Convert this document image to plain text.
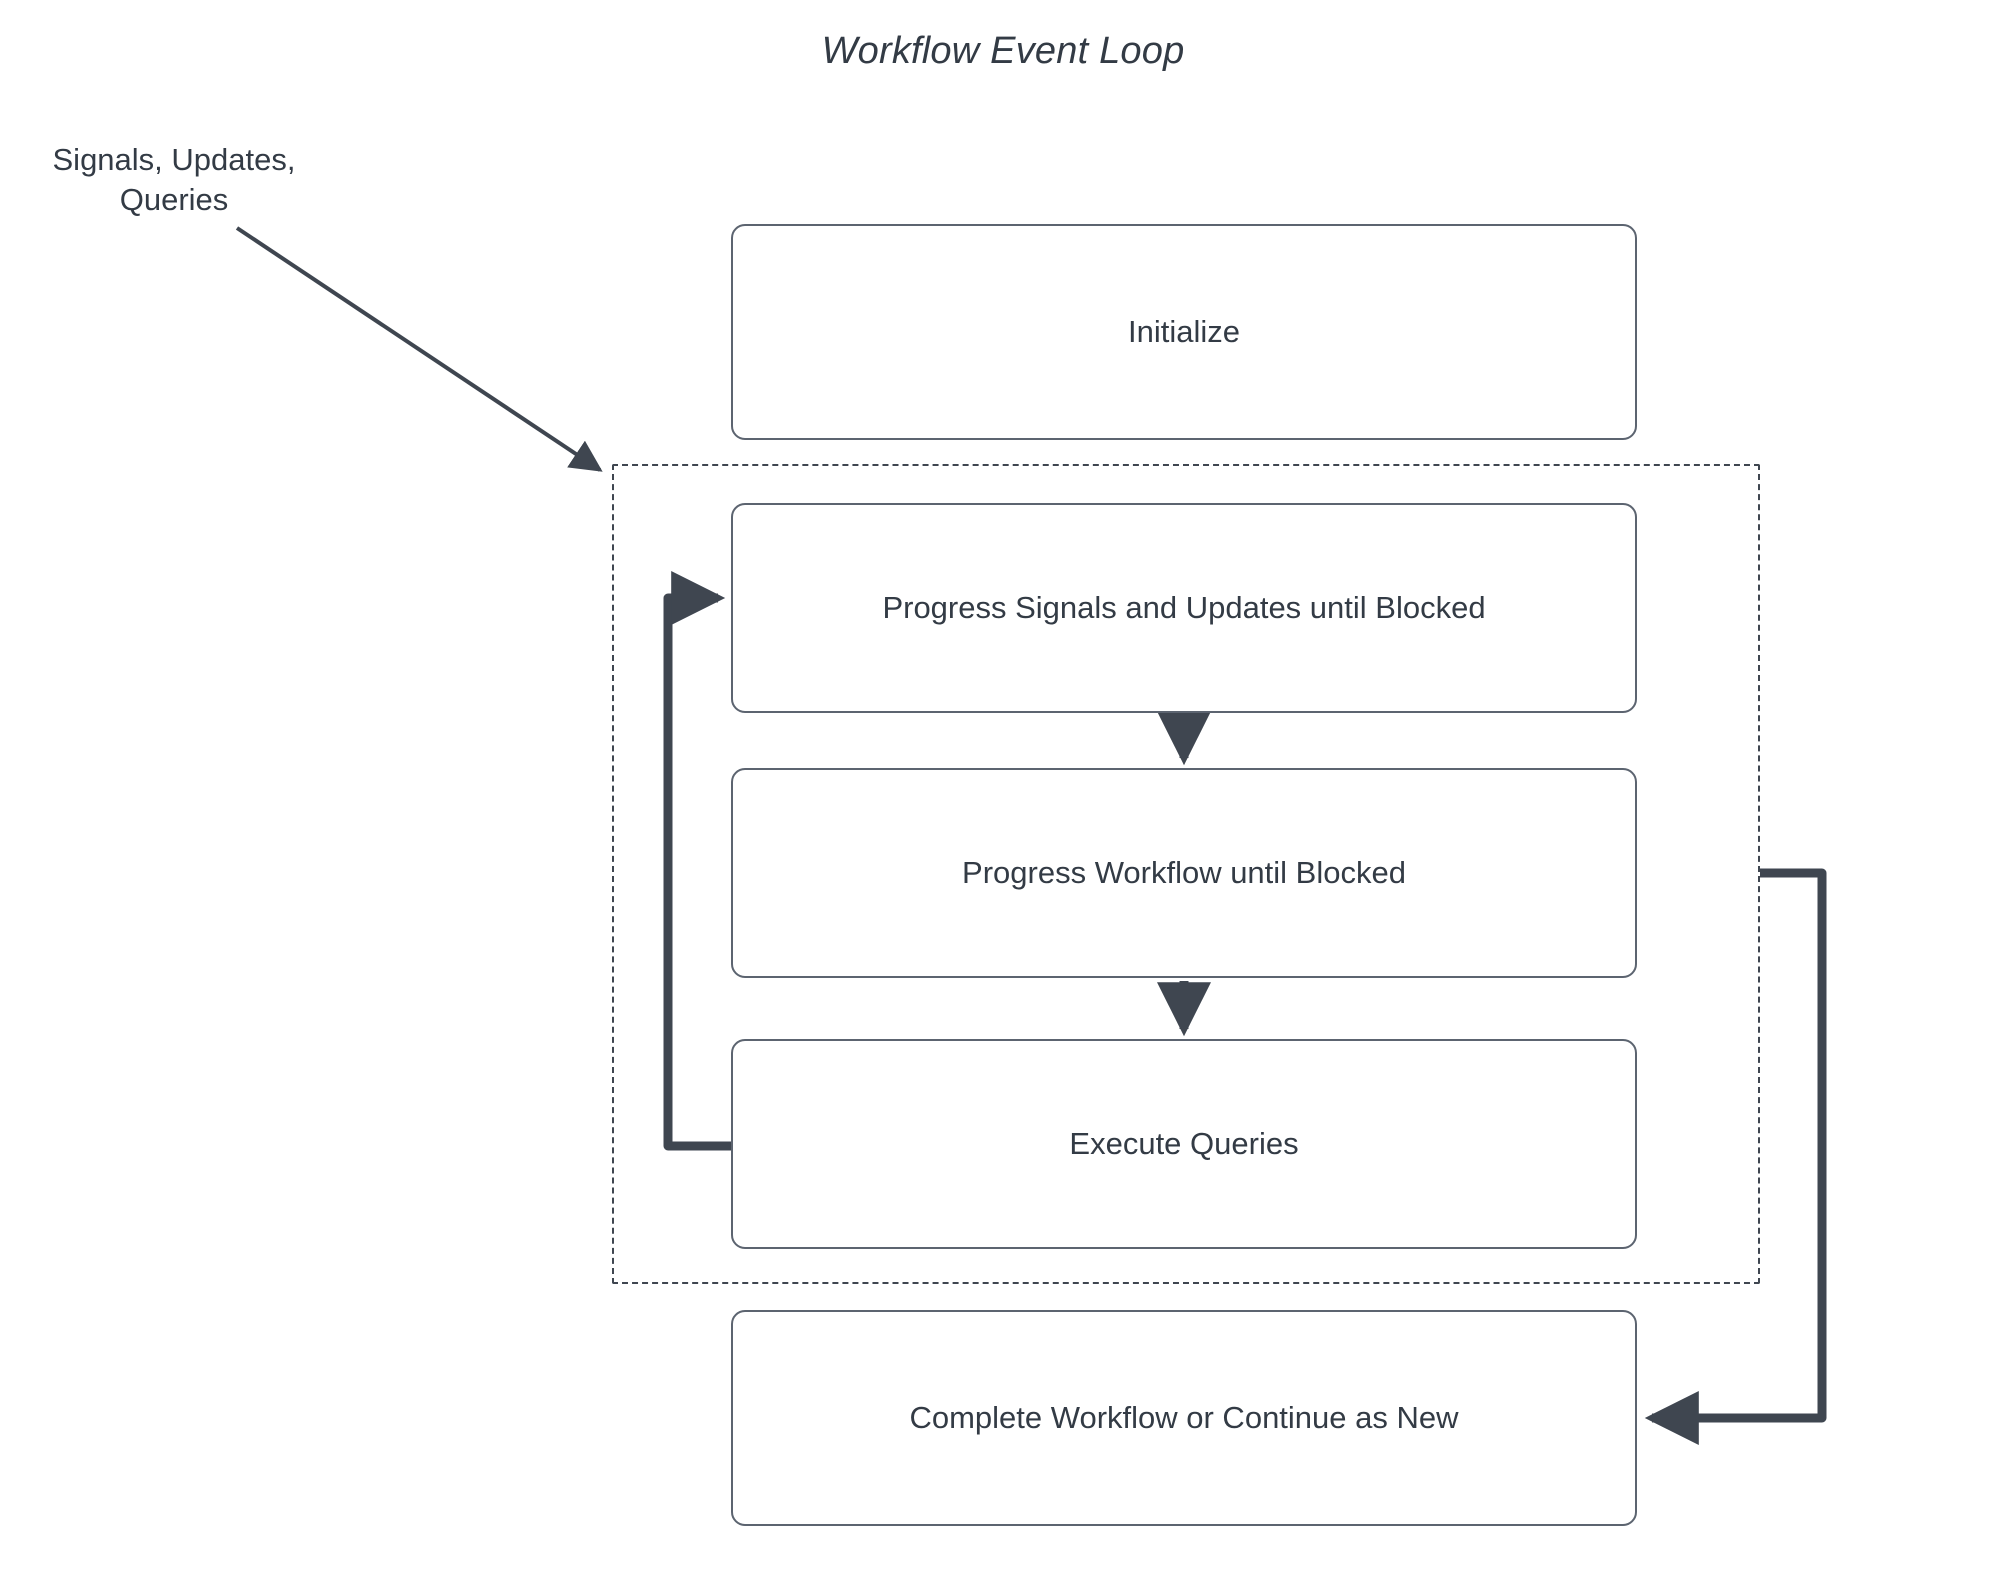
Workflow Event Loop
Signals, Updates, Queries
Initialize
Progress Signals and Updates until Blocked
Progress Workflow until Blocked
Execute Queries
Complete Workflow or Continue as New
